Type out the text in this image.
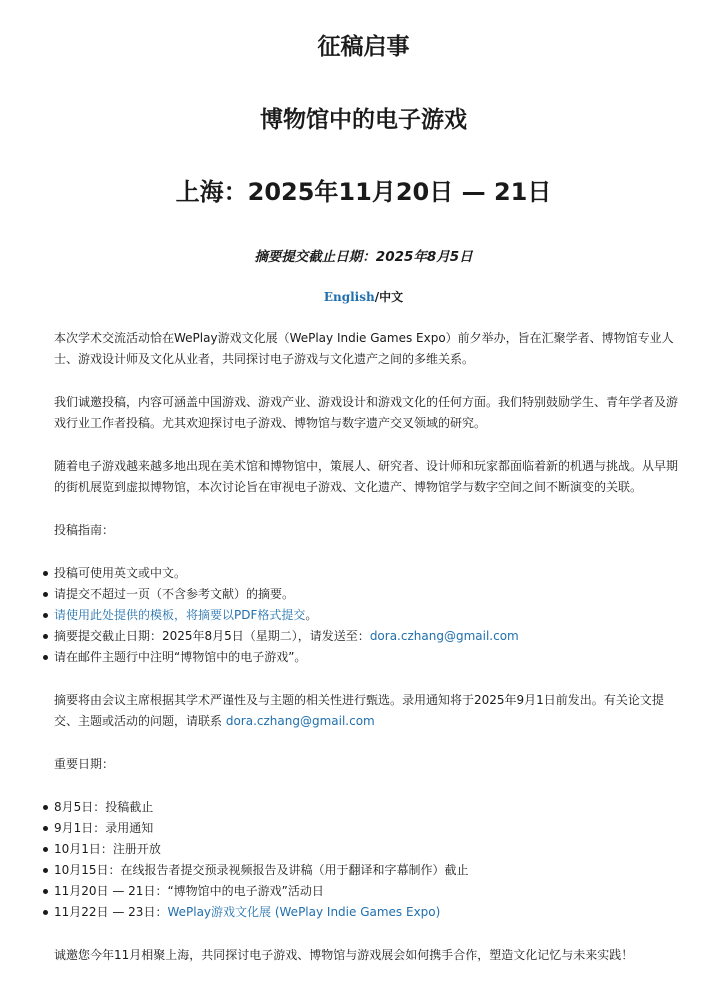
征稿启事
博物馆中的电子游戏
上海：2025年11月20日 — 21日
摘要提交截止日期：2025年8月5日
English/中文

本次学术交流活动恰在WePlay游戏文化展（WePlay Indie Games Expo）前夕举办，旨在汇聚学者、博物馆专业人士、游戏设计师及文化从业者，共同探讨电子游戏与文化遗产之间的多维关系。

我们诚邀投稿，内容可涵盖中国游戏、游戏产业、游戏设计和游戏文化的任何方面。我们特别鼓励学生、青年学者及游戏行业工作者投稿。尤其欢迎探讨电子游戏、博物馆与数字遗产交叉领域的研究。

随着电子游戏越来越多地出现在美术馆和博物馆中，策展人、研究者、设计师和玩家都面临着新的机遇与挑战。从早期的街机展览到虚拟博物馆，本次讨论旨在审视电子游戏、文化遗产、博物馆学与数字空间之间不断演变的关联。

投稿指南：

投稿可使用英文或中文。
请提交不超过一页（不含参考文献）的摘要。
请使用此处提供的模板，将摘要以PDF格式提交。
摘要提交截止日期：2025年8月5日（星期二），请发送至：dora.czhang@gmail.com
请在邮件主题行中注明“博物馆中的电子游戏”。

摘要将由会议主席根据其学术严谨性及与主题的相关性进行甄选。录用通知将于2025年9月1日前发出。有关论文提交、主题或活动的问题，请联系 dora.czhang@gmail.com

重要日期：

8月5日：投稿截止
9月1日：录用通知
10月1日：注册开放
10月15日：在线报告者提交预录视频报告及讲稿（用于翻译和字幕制作）截止
11月20日 — 21日：“博物馆中的电子游戏”活动日
11月22日 — 23日：WePlay游戏文化展 (WePlay Indie Games Expo)

诚邀您今年11月相聚上海，共同探讨电子游戏、博物馆与游戏展会如何携手合作，塑造文化记忆与未来实践！
